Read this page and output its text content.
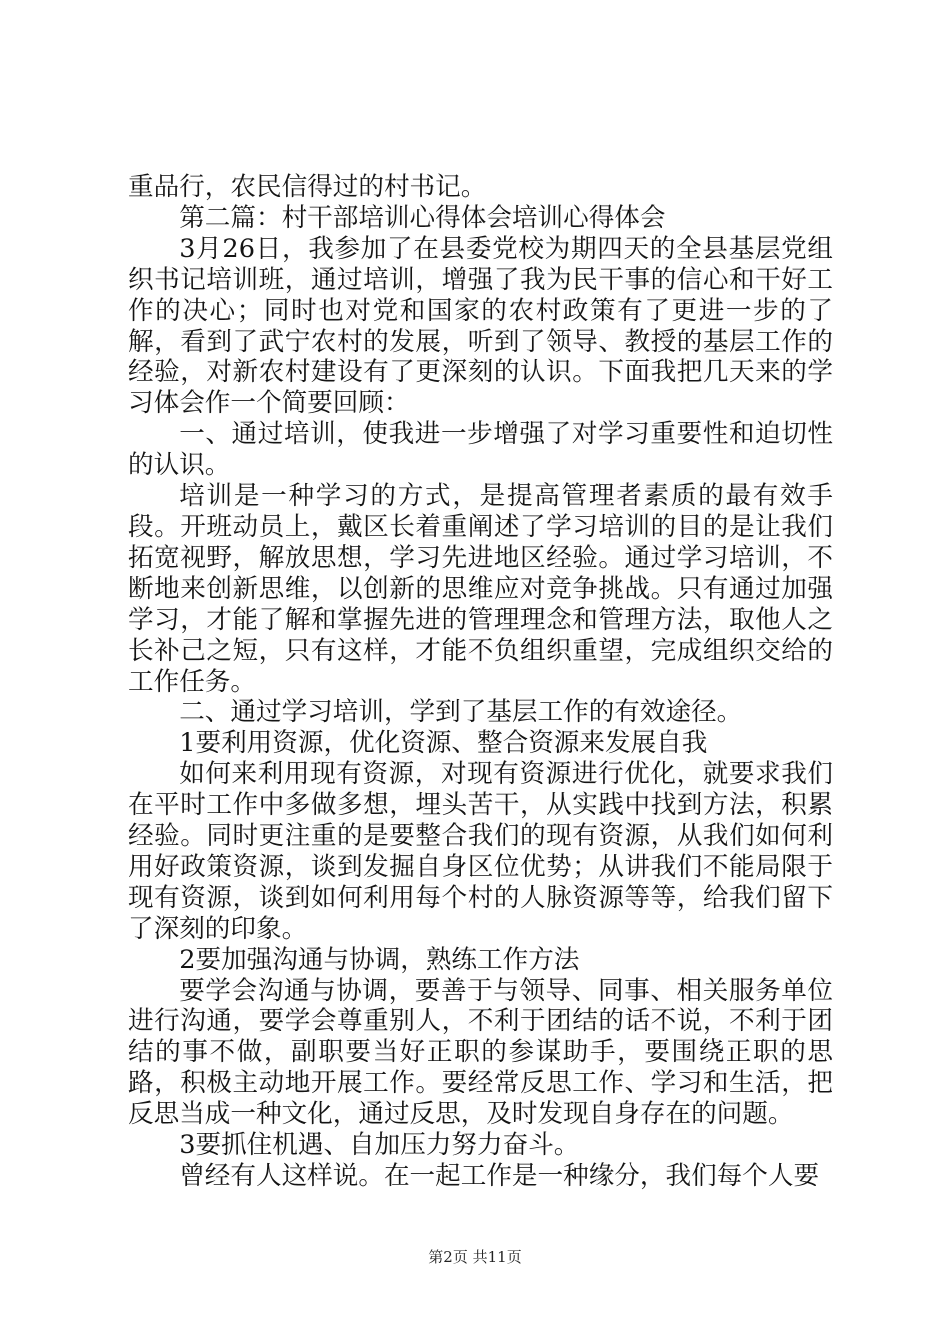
重品行，农民信得过的村书记。

第二篇：村干部培训心得体会培训心得体会

3月26日，我参加了在县委党校为期四天的全县基层党组织书记培训班，通过培训，增强了我为民干事的信心和干好工作的决心；同时也对党和国家的农村政策有了更进一步的了解，看到了武宁农村的发展，听到了领导、教授的基层工作的经验，对新农村建设有了更深刻的认识。下面我把几天来的学习体会作一个简要回顾：

一、通过培训，使我进一步增强了对学习重要性和迫切性的认识。

培训是一种学习的方式，是提高管理者素质的最有效手段。开班动员上，戴区长着重阐述了学习培训的目的是让我们拓宽视野，解放思想，学习先进地区经验。通过学习培训，不断地来创新思维，以创新的思维应对竞争挑战。只有通过加强学习，才能了解和掌握先进的管理理念和管理方法，取他人之长补己之短，只有这样，才能不负组织重望，完成组织交给的工作任务。

二、通过学习培训，学到了基层工作的有效途径。

1要利用资源，优化资源、整合资源来发展自我

如何来利用现有资源，对现有资源进行优化，就要求我们在平时工作中多做多想，埋头苦干，从实践中找到方法，积累经验。同时更注重的是要整合我们的现有资源，从我们如何利用好政策资源，谈到发掘自身区位优势；从讲我们不能局限于现有资源，谈到如何利用每个村的人脉资源等等，给我们留下了深刻的印象。

2要加强沟通与协调，熟练工作方法

要学会沟通与协调，要善于与领导、同事、相关服务单位进行沟通，要学会尊重别人，不利于团结的话不说，不利于团结的事不做，副职要当好正职的参谋助手，要围绕正职的思路，积极主动地开展工作。要经常反思工作、学习和生活，把反思当成一种文化，通过反思，及时发现自身存在的问题。

3要抓住机遇、自加压力努力奋斗。

曾经有人这样说。在一起工作是一种缘分，我们每个人要

第2页 共11页
